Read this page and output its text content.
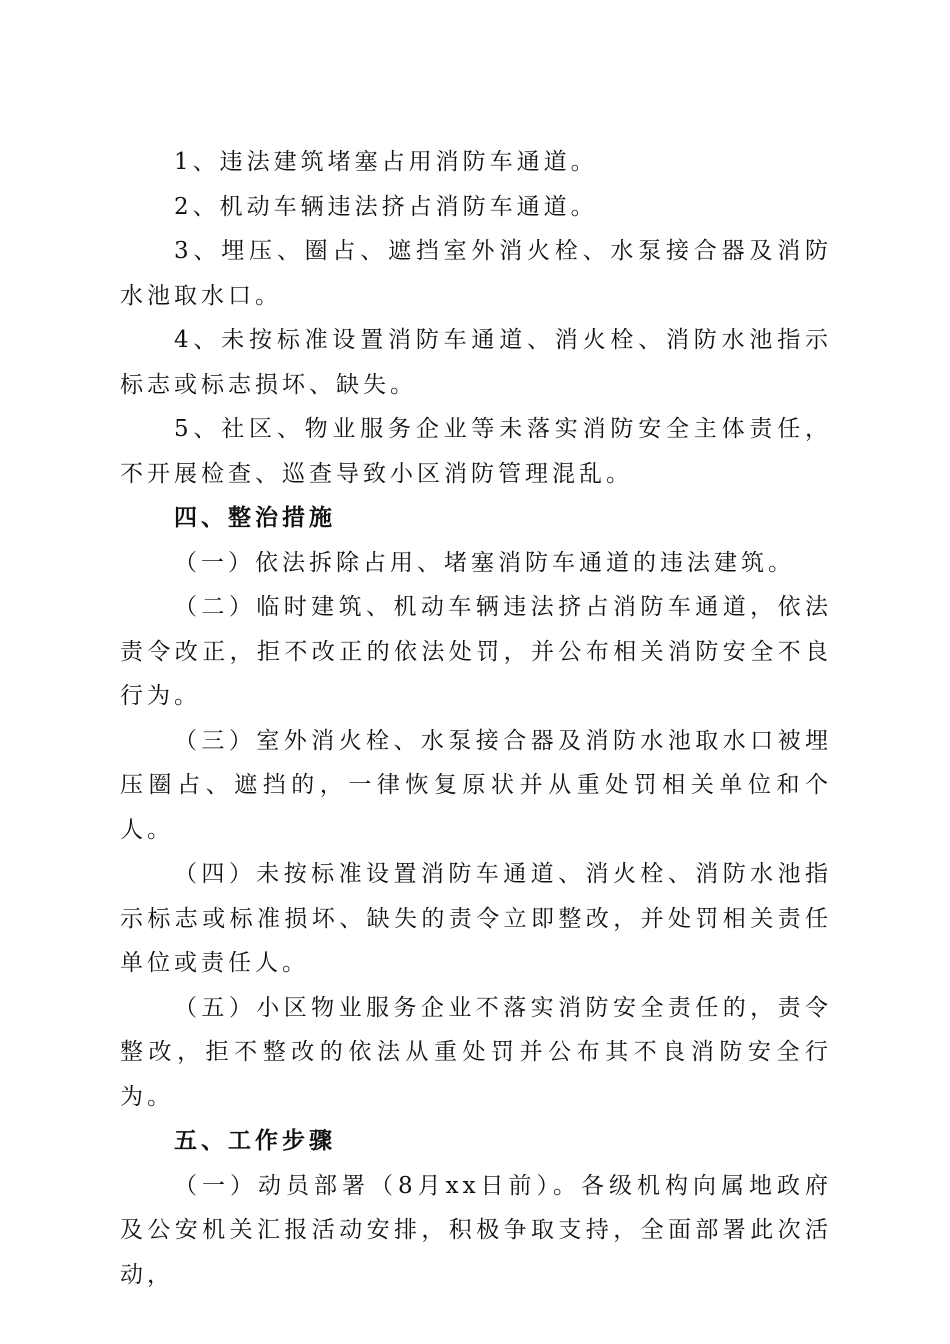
1、违法建筑堵塞占用消防车通道。

2、机动车辆违法挤占消防车通道。

3、埋压、圈占、遮挡室外消火栓、水泵接合器及消防水池取水口。

4、未按标准设置消防车通道、消火栓、消防水池指示标志或标志损坏、缺失。

5、社区、物业服务企业等未落实消防安全主体责任，不开展检查、巡查导致小区消防管理混乱。

四、整治措施

（一）依法拆除占用、堵塞消防车通道的违法建筑。

（二）临时建筑、机动车辆违法挤占消防车通道，依法责令改正，拒不改正的依法处罚，并公布相关消防安全不良行为。

（三）室外消火栓、水泵接合器及消防水池取水口被埋压圈占、遮挡的，一律恢复原状并从重处罚相关单位和个人。

（四）未按标准设置消防车通道、消火栓、消防水池指示标志或标准损坏、缺失的责令立即整改，并处罚相关责任单位或责任人。

（五）小区物业服务企业不落实消防安全责任的，责令整改，拒不整改的依法从重处罚并公布其不良消防安全行为。

五、工作步骤

（一）动员部署（8月xx日前）。各级机构向属地政府及公安机关汇报活动安排，积极争取支持，全面部署此次活动，
